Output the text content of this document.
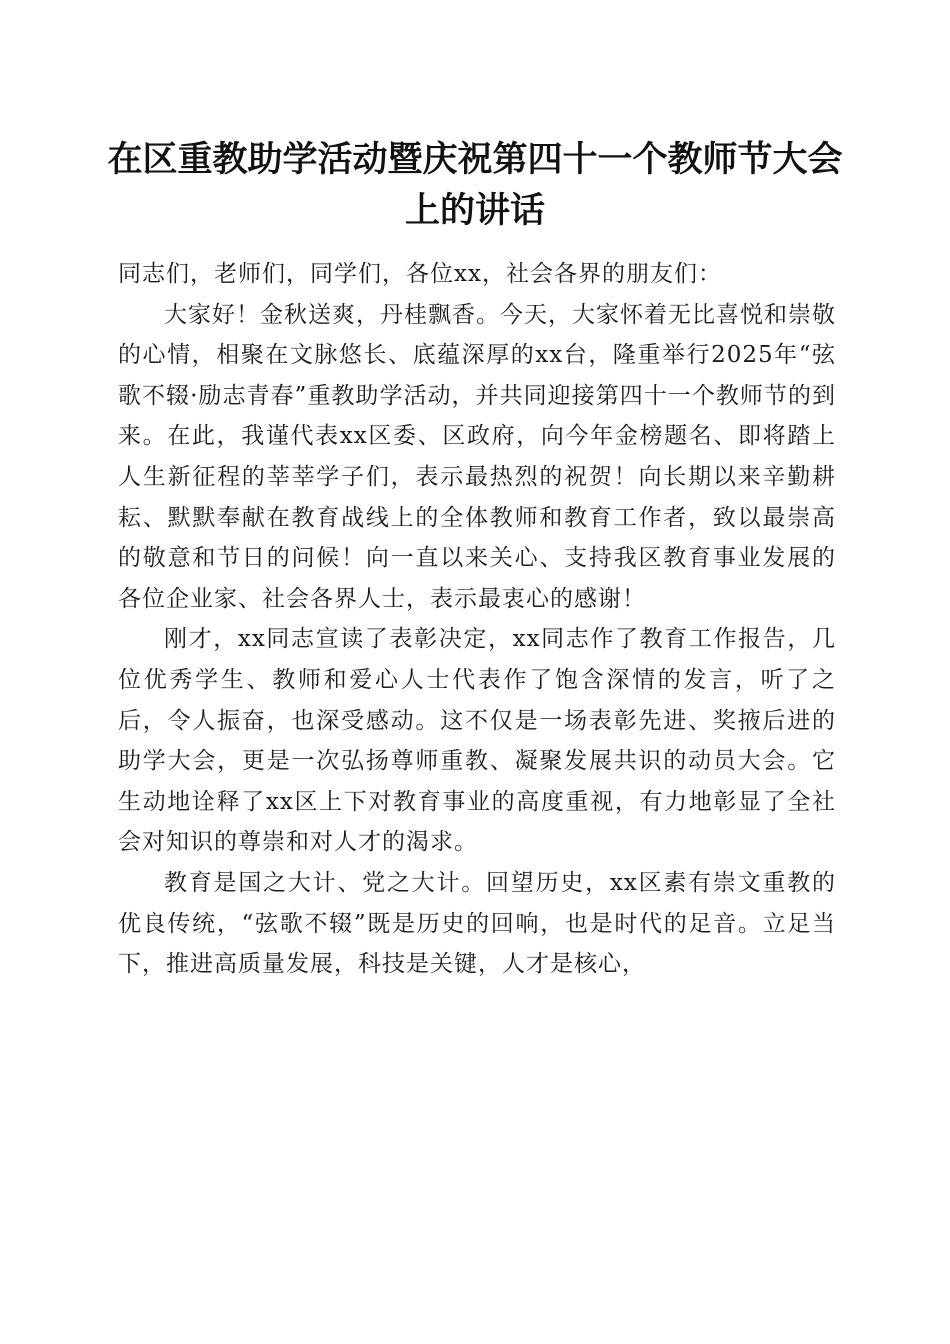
在区重教助学活动暨庆祝第四十一个教师节大会上的讲话

同志们，老师们，同学们，各位xx，社会各界的朋友们：

大家好！金秋送爽，丹桂飘香。今天，大家怀着无比喜悦和崇敬的心情，相聚在文脉悠长、底蕴深厚的xx台，隆重举行2025年“弦歌不辍·励志青春”重教助学活动，并共同迎接第四十一个教师节的到来。在此，我谨代表xx区委、区政府，向今年金榜题名、即将踏上人生新征程的莘莘学子们，表示最热烈的祝贺！向长期以来辛勤耕耘、默默奉献在教育战线上的全体教师和教育工作者，致以最崇高的敬意和节日的问候！向一直以来关心、支持我区教育事业发展的各位企业家、社会各界人士，表示最衷心的感谢！

刚才，xx同志宣读了表彰决定，xx同志作了教育工作报告，几位优秀学生、教师和爱心人士代表作了饱含深情的发言，听了之后，令人振奋，也深受感动。这不仅是一场表彰先进、奖掖后进的助学大会，更是一次弘扬尊师重教、凝聚发展共识的动员大会。它生动地诠释了xx区上下对教育事业的高度重视，有力地彰显了全社会对知识的尊崇和对人才的渴求。

教育是国之大计、党之大计。回望历史，xx区素有崇文重教的优良传统，“弦歌不辍”既是历史的回响，也是时代的足音。立足当下，推进高质量发展，科技是关键，人才是核心，
